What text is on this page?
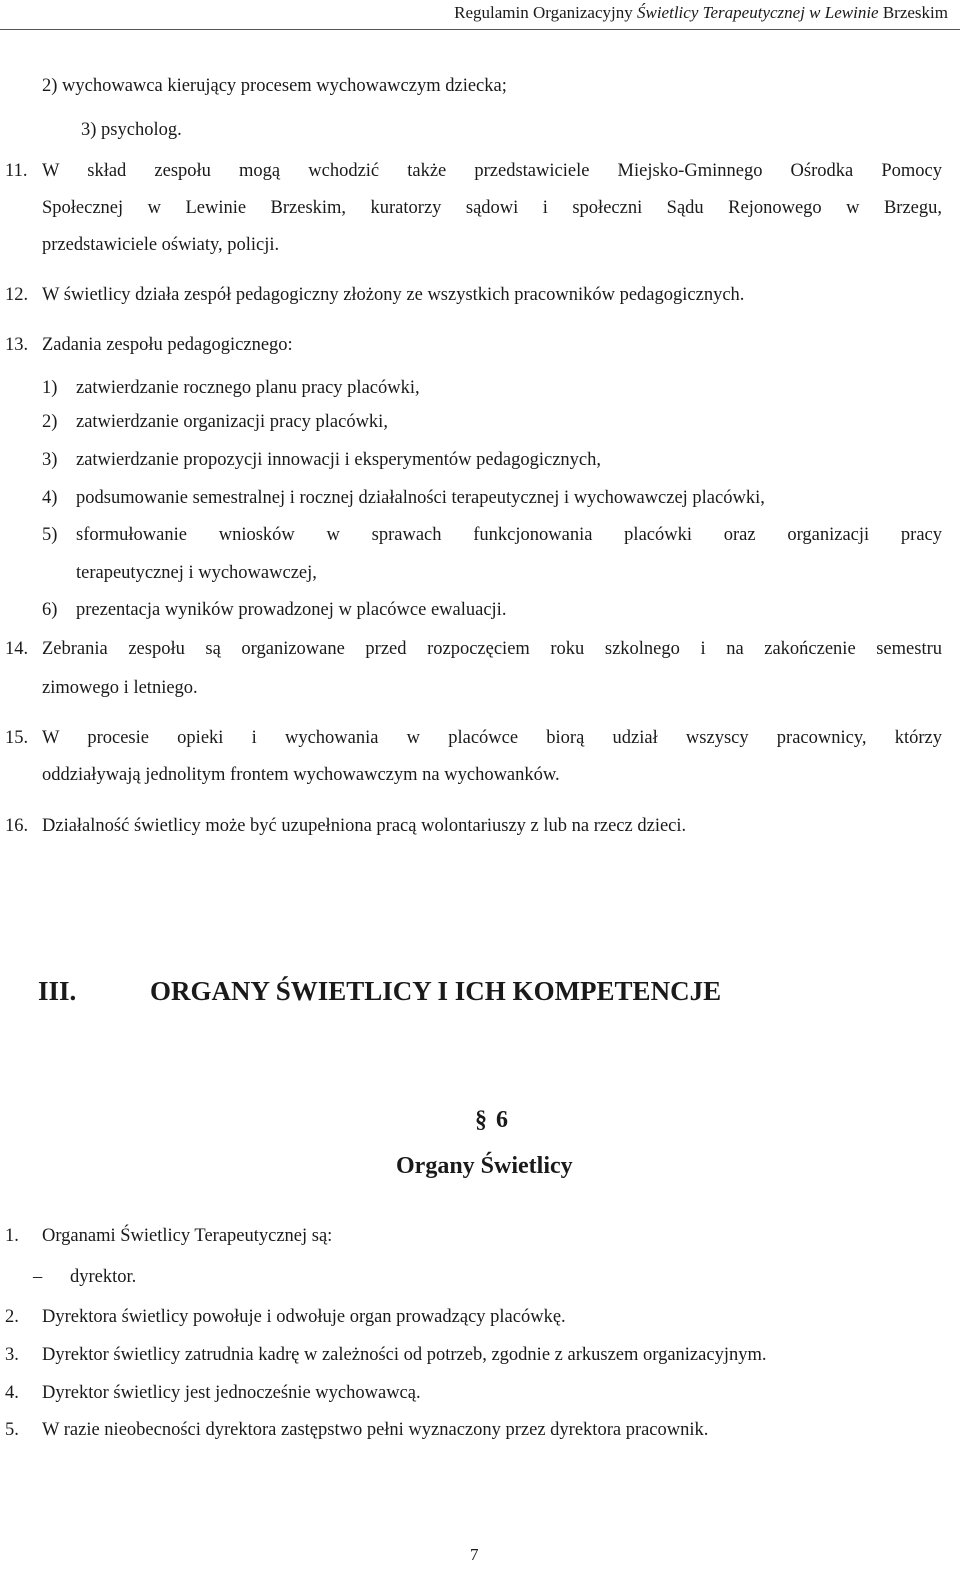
Regulamin Organizacyjny Świetlicy Terapeutycznej w Lewinie Brzeskim
2) wychowawca kierujący procesem wychowawczym dziecka;
3) psycholog.
11. W skład zespołu mogą wchodzić także przedstawiciele Miejsko-Gminnego Ośrodka Pomocy
Społecznej w Lewinie Brzeskim, kuratorzy sądowi i społeczni Sądu Rejonowego w Brzegu,
przedstawiciele oświaty, policji.
12. W świetlicy działa zespół pedagogiczny złożony ze wszystkich pracowników pedagogicznych.
13. Zadania zespołu pedagogicznego:
1) zatwierdzanie rocznego planu pracy placówki,
2) zatwierdzanie organizacji pracy placówki,
3) zatwierdzanie propozycji innowacji i eksperymentów pedagogicznych,
4) podsumowanie semestralnej i rocznej działalności terapeutycznej i wychowawczej placówki,
5) sformułowanie wniosków w sprawach funkcjonowania placówki oraz organizacji pracy
terapeutycznej i wychowawczej,
6) prezentacja wyników prowadzonej w placówce ewaluacji.
14. Zebrania zespołu są organizowane przed rozpoczęciem roku szkolnego i na zakończenie semestru
zimowego i letniego.
15. W procesie opieki i wychowania w placówce biorą udział wszyscy pracownicy, którzy
oddziaływają jednolitym frontem wychowawczym na wychowanków.
16. Działalność świetlicy może być uzupełniona pracą wolontariuszy z lub na rzecz dzieci.
III.	ORGANY ŚWIETLICY I ICH KOMPETENCJE
§ 6
Organy Świetlicy
1. Organami Świetlicy Terapeutycznej są:
– dyrektor.
2. Dyrektora świetlicy powołuje i odwołuje organ prowadzący placówkę.
3. Dyrektor świetlicy zatrudnia kadrę w zależności od potrzeb, zgodnie z arkuszem organizacyjnym.
4. Dyrektor świetlicy jest jednocześnie wychowawcą.
5. W razie nieobecności dyrektora zastępstwo pełni wyznaczony przez dyrektora pracownik.
7
